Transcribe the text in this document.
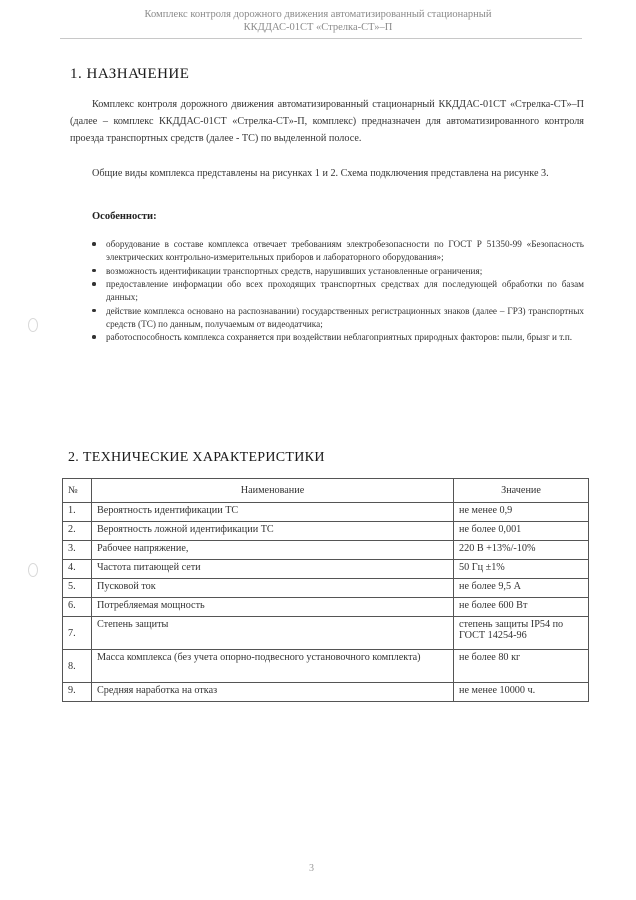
Комплекс контроля дорожного движения автоматизированный стационарный
ККДДАС-01СТ «Стрелка-СТ»–П
1. НАЗНАЧЕНИЕ

Комплекс контроля дорожного движения автоматизированный стационарный ККДДАС-01СТ «Стрелка-СТ»–П (далее – комплекс ККДДАС-01СТ «Стрелка-СТ»-П, комплекс) предназначен для автоматизированного контроля проезда транспортных средств (далее - ТС) по выделенной полосе.

Общие виды комплекса представлены на рисунках 1 и 2. Схема подключения представлена на рисунке 3.

Особенности:

оборудование в составе комплекса отвечает требованиям электробезопасности по ГОСТ Р 51350-99 «Безопасность электрических контрольно-измерительных приборов и лабораторного оборудования»;
возможность идентификации транспортных средств, нарушивших установленные ограничения;
предоставление информации обо всех проходящих транспортных средствах для последующей обработки по базам данных;
действие комплекса основано на распознавании) государственных регистрационных знаков (далее – ГРЗ) транспортных средств (ТС) по данным, получаемым от видеодатчика;
работоспособность комплекса сохраняется при воздействии неблагоприятных природных факторов: пыли, брызг и т.п.
2. ТЕХНИЧЕСКИЕ ХАРАКТЕРИСТИКИ
№	Наименование	Значение
1.	Вероятность идентификации ТС	не менее 0,9
2.	Вероятность ложной идентификации ТС	не более 0,001
3.	Рабочее напряжение,	220 В +13%/-10%
4.	Частота питающей сети	50 Гц ±1%
5.	Пусковой ток	не более 9,5 А
6.	Потребляемая мощность	не более 600 Вт
7.	Степень защиты	степень защиты IP54 по ГОСТ 14254-96
8.	Масса комплекса (без учета опорно-подвесного установочного комплекта)	не более 80 кг
9.	Средняя наработка на отказ	не менее 10000 ч.
3
